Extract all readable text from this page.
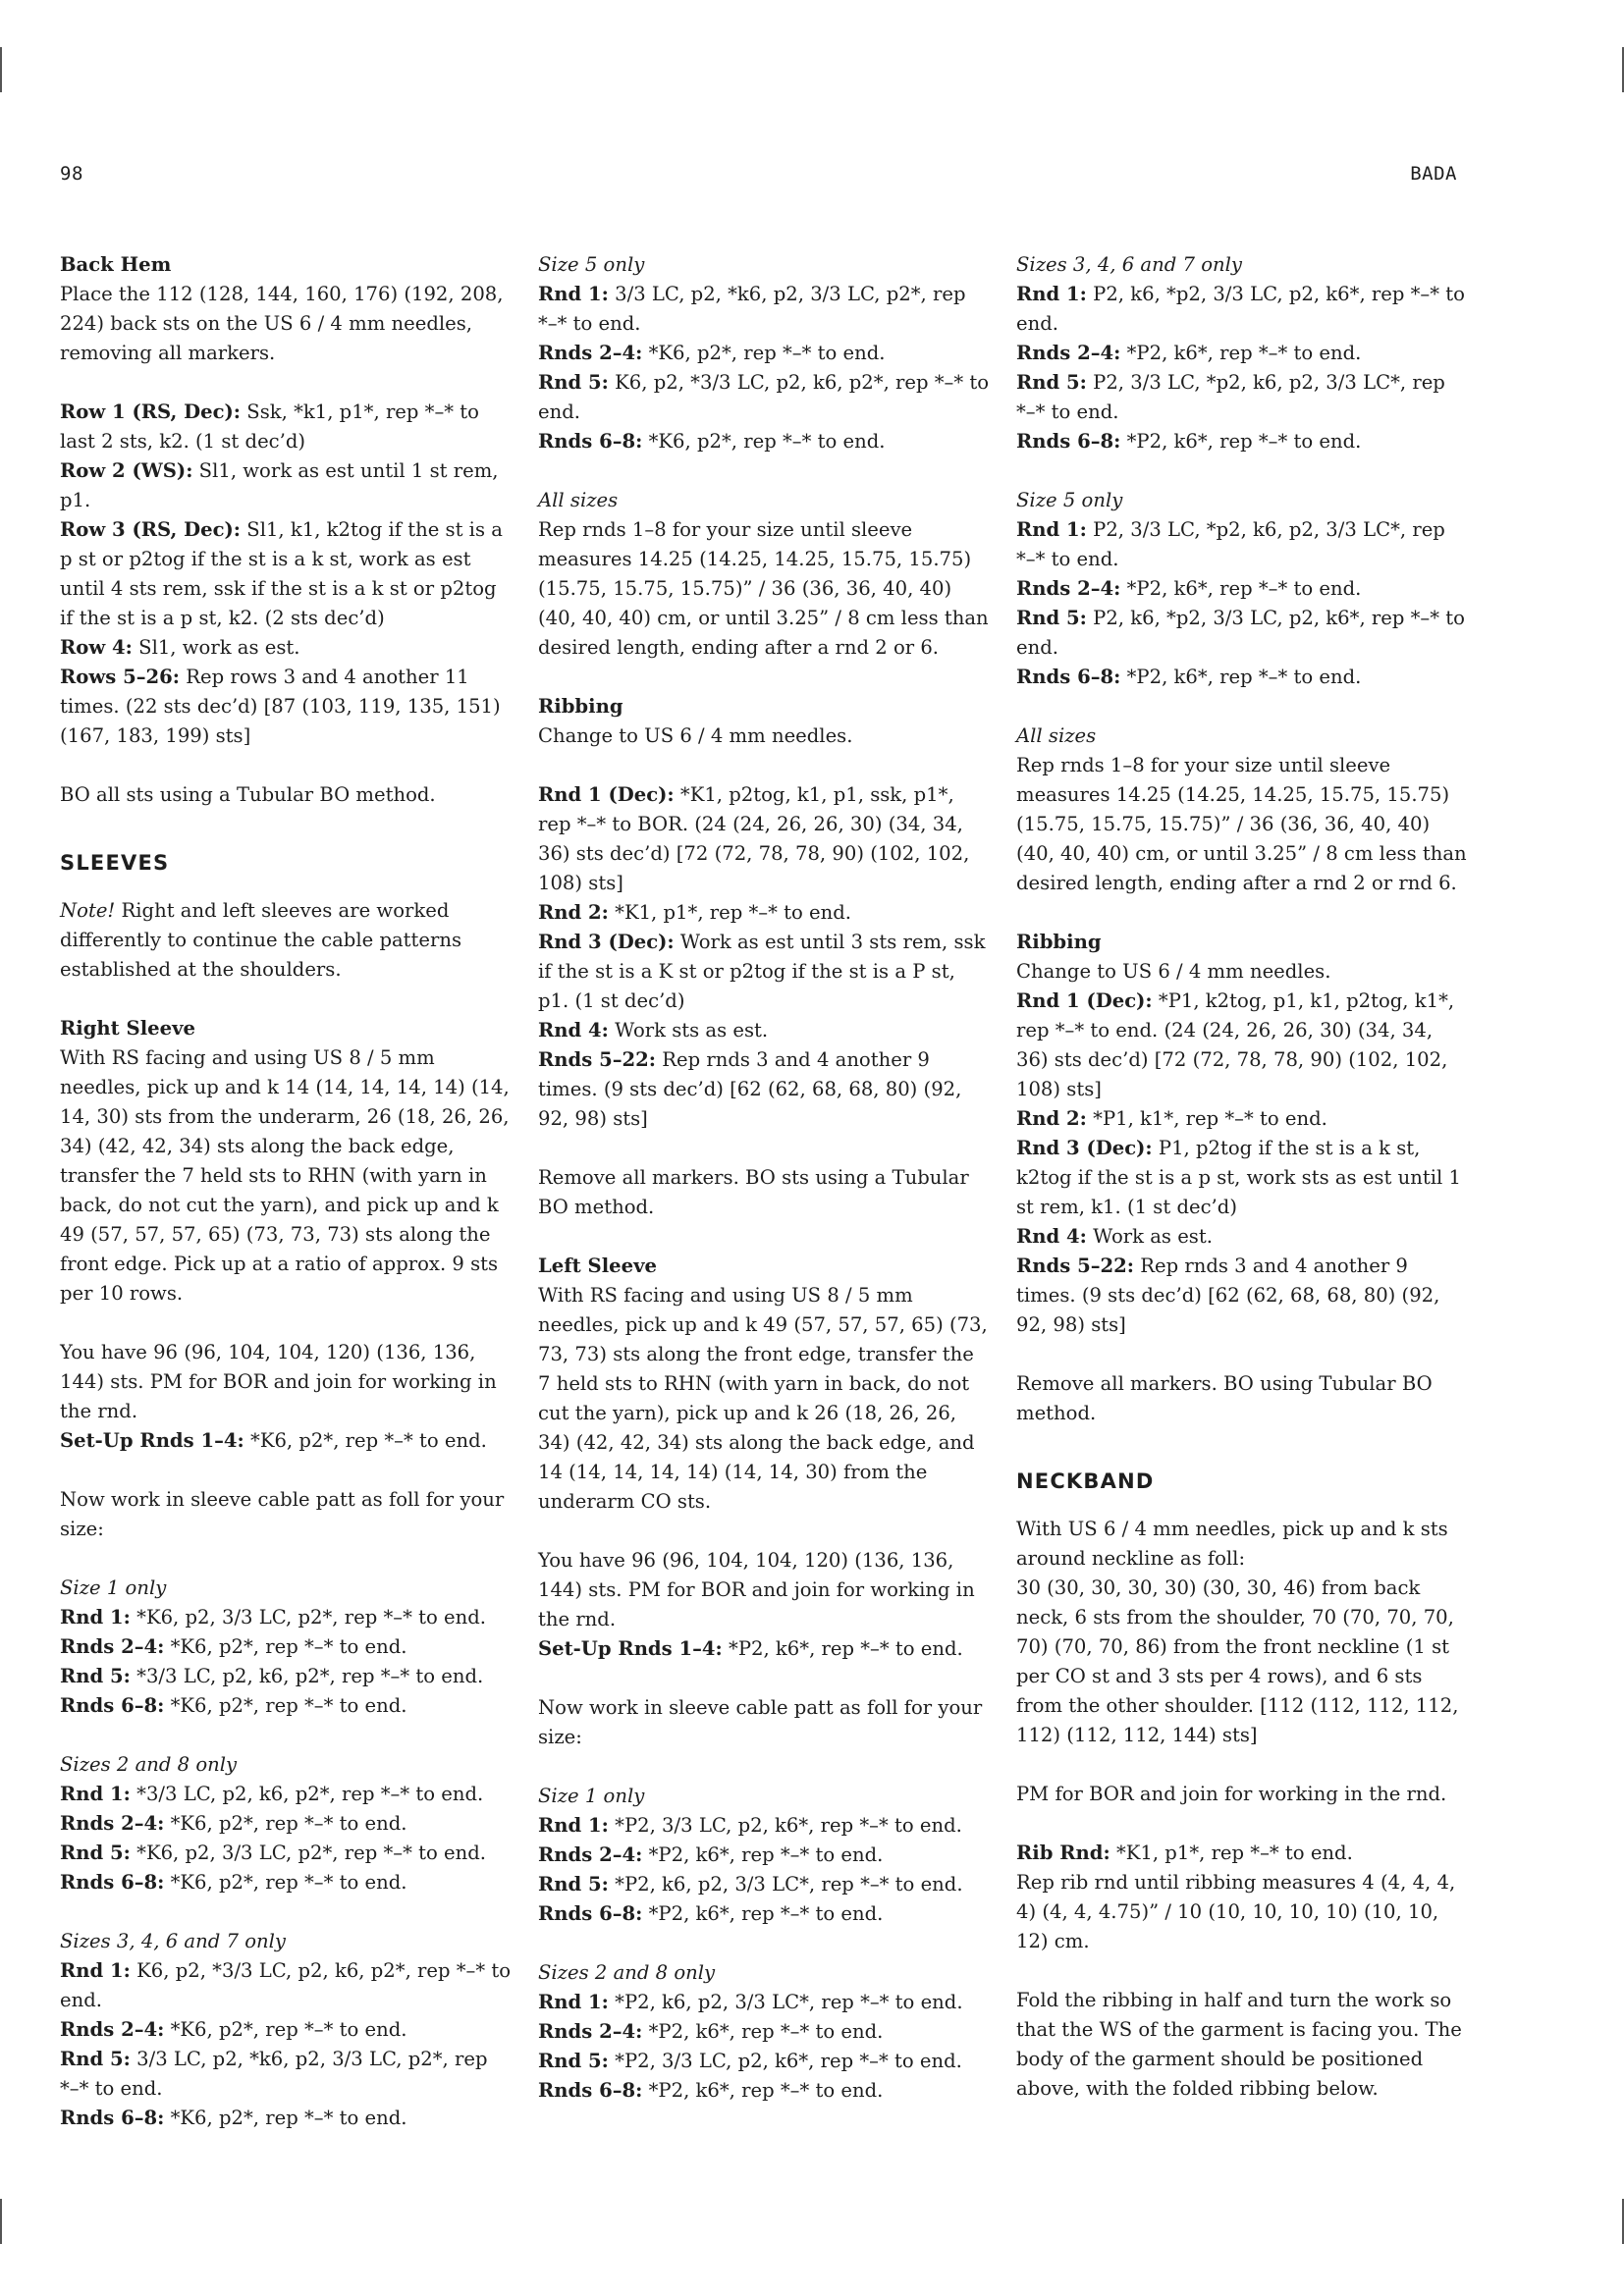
98	BADA

Back Hem

Place the 112 (128, 144, 160, 176) (192, 208, 224) back sts on the US 6 / 4 mm needles, removing all markers.

Row 1 (RS, Dec): Ssk, *k1, p1*, rep *–* to last 2 sts, k2. (1 st dec’d)

Row 2 (WS): Sl1, work as est until 1 st rem, p1.

Row 3 (RS, Dec): Sl1, k1, k2tog if the st is a p st or p2tog if the st is a k st, work as est until 4 sts rem, ssk if the st is a k st or p2tog if the st is a p st, k2. (2 sts dec’d)

Row 4: Sl1, work as est.

Rows 5–26: Rep rows 3 and 4 another 11 times. (22 sts dec’d) [87 (103, 119, 135, 151) (167, 183, 199) sts]

BO all sts using a Tubular BO method.

SLEEVES

Note! Right and left sleeves are worked differently to continue the cable patterns established at the shoulders.

Right Sleeve

With RS facing and using US 8 / 5 mm needles, pick up and k 14 (14, 14, 14, 14) (14, 14, 30) sts from the underarm, 26 (18, 26, 26, 34) (42, 42, 34) sts along the back edge, transfer the 7 held sts to RHN (with yarn in back, do not cut the yarn), and pick up and k 49 (57, 57, 57, 65) (73, 73, 73) sts along the front edge. Pick up at a ratio of approx. 9 sts per 10 rows.

You have 96 (96, 104, 104, 120) (136, 136, 144) sts. PM for BOR and join for working in the rnd.

Set-Up Rnds 1–4: *K6, p2*, rep *–* to end.

Now work in sleeve cable patt as foll for your size:

Size 1 only

Rnd 1: *K6, p2, 3/3 LC, p2*, rep *–* to end.

Rnds 2–4: *K6, p2*, rep *–* to end.

Rnd 5: *3/3 LC, p2, k6, p2*, rep *–* to end.

Rnds 6–8: *K6, p2*, rep *–* to end.

Sizes 2 and 8 only

Rnd 1: *3/3 LC, p2, k6, p2*, rep *–* to end.

Rnds 2–4: *K6, p2*, rep *–* to end.

Rnd 5: *K6, p2, 3/3 LC, p2*, rep *–* to end.

Rnds 6–8: *K6, p2*, rep *–* to end.

Sizes 3, 4, 6 and 7 only

Rnd 1: K6, p2, *3/3 LC, p2, k6, p2*, rep *–* to end.

Rnds 2–4: *K6, p2*, rep *–* to end.

Rnd 5: 3/3 LC, p2, *k6, p2, 3/3 LC, p2*, rep *–* to end.

Rnds 6–8: *K6, p2*, rep *–* to end.

Size 5 only

Rnd 1: 3/3 LC, p2, *k6, p2, 3/3 LC, p2*, rep *–* to end.

Rnds 2–4: *K6, p2*, rep *–* to end.

Rnd 5: K6, p2, *3/3 LC, p2, k6, p2*, rep *–* to end.

Rnds 6–8: *K6, p2*, rep *–* to end.

All sizes

Rep rnds 1–8 for your size until sleeve measures 14.25 (14.25, 14.25, 15.75, 15.75) (15.75, 15.75, 15.75)” / 36 (36, 36, 40, 40) (40, 40, 40) cm, or until 3.25” / 8 cm less than desired length, ending after a rnd 2 or 6.

Ribbing

Change to US 6 / 4 mm needles.

Rnd 1 (Dec): *K1, p2tog, k1, p1, ssk, p1*, rep *–* to BOR. (24 (24, 26, 26, 30) (34, 34, 36) sts dec’d) [72 (72, 78, 78, 90) (102, 102, 108) sts]

Rnd 2: *K1, p1*, rep *–* to end.

Rnd 3 (Dec): Work as est until 3 sts rem, ssk if the st is a K st or p2tog if the st is a P st, p1. (1 st dec’d)

Rnd 4: Work sts as est.

Rnds 5–22: Rep rnds 3 and 4 another 9 times. (9 sts dec’d) [62 (62, 68, 68, 80) (92, 92, 98) sts]

Remove all markers. BO sts using a Tubular BO method.

Left Sleeve

With RS facing and using US 8 / 5 mm needles, pick up and k 49 (57, 57, 57, 65) (73, 73, 73) sts along the front edge, transfer the 7 held sts to RHN (with yarn in back, do not cut the yarn), pick up and k 26 (18, 26, 26, 34) (42, 42, 34) sts along the back edge, and 14 (14, 14, 14, 14) (14, 14, 30) from the underarm CO sts.

You have 96 (96, 104, 104, 120) (136, 136, 144) sts. PM for BOR and join for working in the rnd.

Set-Up Rnds 1–4: *P2, k6*, rep *–* to end.

Now work in sleeve cable patt as foll for your size:

Size 1 only

Rnd 1: *P2, 3/3 LC, p2, k6*, rep *–* to end.

Rnds 2–4: *P2, k6*, rep *–* to end.

Rnd 5: *P2, k6, p2, 3/3 LC*, rep *–* to end.

Rnds 6–8: *P2, k6*, rep *–* to end.

Sizes 2 and 8 only

Rnd 1: *P2, k6, p2, 3/3 LC*, rep *–* to end.

Rnds 2–4: *P2, k6*, rep *–* to end.

Rnd 5: *P2, 3/3 LC, p2, k6*, rep *–* to end.

Rnds 6–8: *P2, k6*, rep *–* to end.

Sizes 3, 4, 6 and 7 only

Rnd 1: P2, k6, *p2, 3/3 LC, p2, k6*, rep *–* to end.

Rnds 2–4: *P2, k6*, rep *–* to end.

Rnd 5: P2, 3/3 LC, *p2, k6, p2, 3/3 LC*, rep *–* to end.

Rnds 6–8: *P2, k6*, rep *–* to end.

Size 5 only

Rnd 1: P2, 3/3 LC, *p2, k6, p2, 3/3 LC*, rep *–* to end.

Rnds 2–4: *P2, k6*, rep *–* to end.

Rnd 5: P2, k6, *p2, 3/3 LC, p2, k6*, rep *–* to end.

Rnds 6–8: *P2, k6*, rep *–* to end.

All sizes

Rep rnds 1–8 for your size until sleeve measures 14.25 (14.25, 14.25, 15.75, 15.75) (15.75, 15.75, 15.75)” / 36 (36, 36, 40, 40) (40, 40, 40) cm, or until 3.25” / 8 cm less than desired length, ending after a rnd 2 or rnd 6.

Ribbing

Change to US 6 / 4 mm needles.

Rnd 1 (Dec): *P1, k2tog, p1, k1, p2tog, k1*, rep *–* to end. (24 (24, 26, 26, 30) (34, 34, 36) sts dec’d) [72 (72, 78, 78, 90) (102, 102, 108) sts]

Rnd 2: *P1, k1*, rep *–* to end.

Rnd 3 (Dec): P1, p2tog if the st is a k st, k2tog if the st is a p st, work sts as est until 1 st rem, k1. (1 st dec’d)

Rnd 4: Work as est.

Rnds 5–22: Rep rnds 3 and 4 another 9 times. (9 sts dec’d) [62 (62, 68, 68, 80) (92, 92, 98) sts]

Remove all markers. BO using Tubular BO method.

NECKBAND

With US 6 / 4 mm needles, pick up and k sts around neckline as foll:

30 (30, 30, 30, 30) (30, 30, 46) from back neck, 6 sts from the shoulder, 70 (70, 70, 70, 70) (70, 70, 86) from the front neckline (1 st per CO st and 3 sts per 4 rows), and 6 sts from the other shoulder. [112 (112, 112, 112, 112) (112, 112, 144) sts]

PM for BOR and join for working in the rnd.

Rib Rnd: *K1, p1*, rep *–* to end.

Rep rib rnd until ribbing measures 4 (4, 4, 4, 4) (4, 4, 4.75)” / 10 (10, 10, 10, 10) (10, 10, 12) cm.

Fold the ribbing in half and turn the work so that the WS of the garment is facing you. The body of the garment should be positioned above, with the folded ribbing below.
